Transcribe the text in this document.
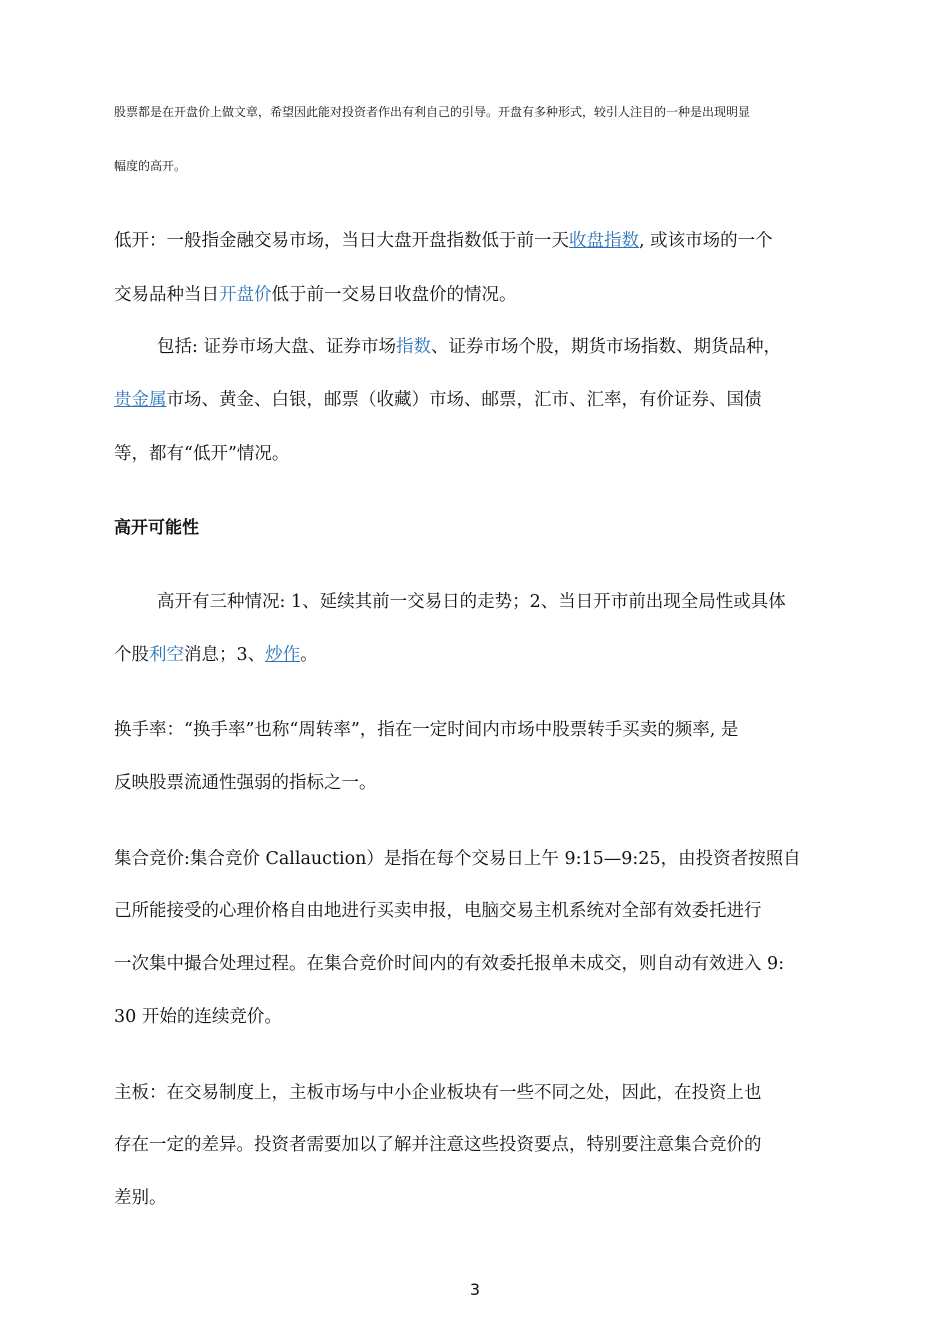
股票都是在开盘价上做文章，希望因此能对投资者作出有利自己的引导。开盘有多种形式，较引人注目的一种是出现明显
幅度的高开。
低开：一般指金融交易市场，当日大盘开盘指数低于前一天收盘指数, 或该市场的一个
交易品种当日开盘价低于前一交易日收盘价的情况。
包括: 证券市场大盘、证券市场指数、证券市场个股，期货市场指数、期货品种，
贵金属市场、黄金、白银，邮票（收藏）市场、邮票，汇市、汇率，有价证券、国债
等，都有“低开”情况。
高开可能性
高开有三种情况: 1、延续其前一交易日的走势；2、当日开市前出现全局性或具体
个股利空消息；3、炒作。
换手率：“换手率”也称“周转率”，指在一定时间内市场中股票转手买卖的频率, 是
反映股票流通性强弱的指标之一。
集合竞价:集合竞价 Callauction）是指在每个交易日上午 9:15—9:25，由投资者按照自
己所能接受的心理价格自由地进行买卖申报，电脑交易主机系统对全部有效委托进行
一次集中撮合处理过程。在集合竞价时间内的有效委托报单未成交，则自动有效进入 9:
30 开始的连续竞价。
主板：在交易制度上，主板市场与中小企业板块有一些不同之处，因此，在投资上也
存在一定的差异。投资者需要加以了解并注意这些投资要点，特别要注意集合竞价的
差别。
3
